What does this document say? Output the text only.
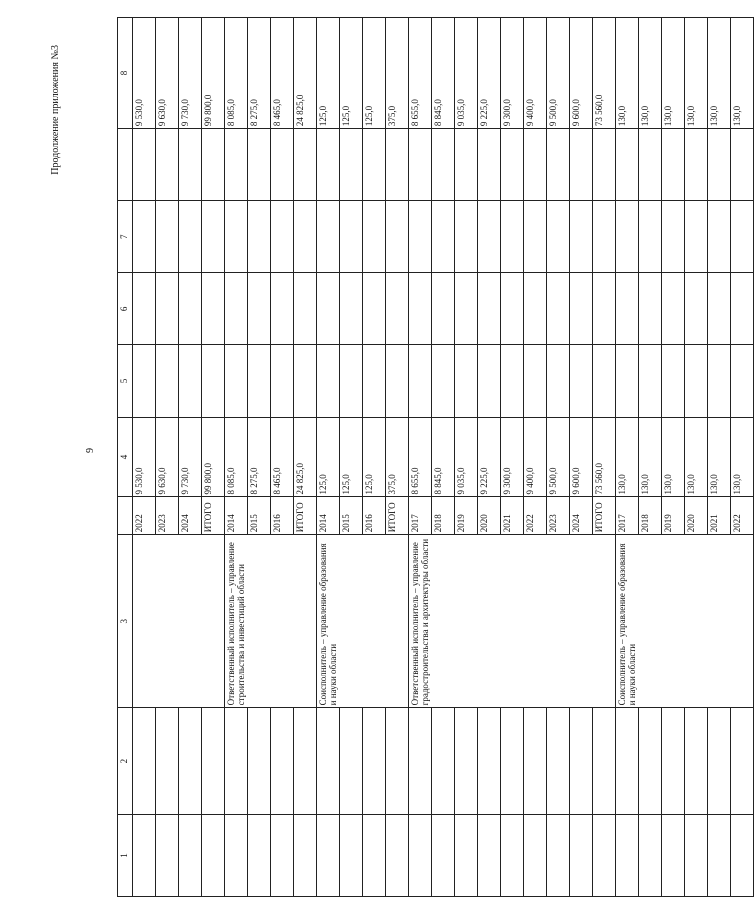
9
Продолжение приложения №3
1	2	3		4	5	6	7		8
			2022	9 530,0					9 530,0
			2023	9 630,0					9 630,0
			2024	9 730,0					9 730,0
			ИТОГО	99 800,0					99 800,0
		Ответственный исполнитель – управление строительства и инвестиций области	2014	8 085,0					8 085,0
			2015	8 275,0					8 275,0
			2016	8 465,0					8 465,0
			ИТОГО	24 825,0					24 825,0
		Соисполнитель – управление образования и науки области	2014	125,0					125,0
			2015	125,0					125,0
			2016	125,0					125,0
			ИТОГО	375,0					375,0
		Ответственный исполнитель – управление градостроительства и архитектуры области	2017	8 655,0					8 655,0
			2018	8 845,0					8 845,0
			2019	9 035,0					9 035,0
			2020	9 225,0					9 225,0
			2021	9 300,0					9 300,0
			2022	9 400,0					9 400,0
			2023	9 500,0					9 500,0
			2024	9 600,0					9 600,0
			ИТОГО	73 560,0					73 560,0
		Соисполнитель – управление образования и науки области	2017	130,0					130,0
			2018	130,0					130,0
			2019	130,0					130,0
			2020	130,0					130,0
			2021	130,0					130,0
			2022	130,0					130,0
